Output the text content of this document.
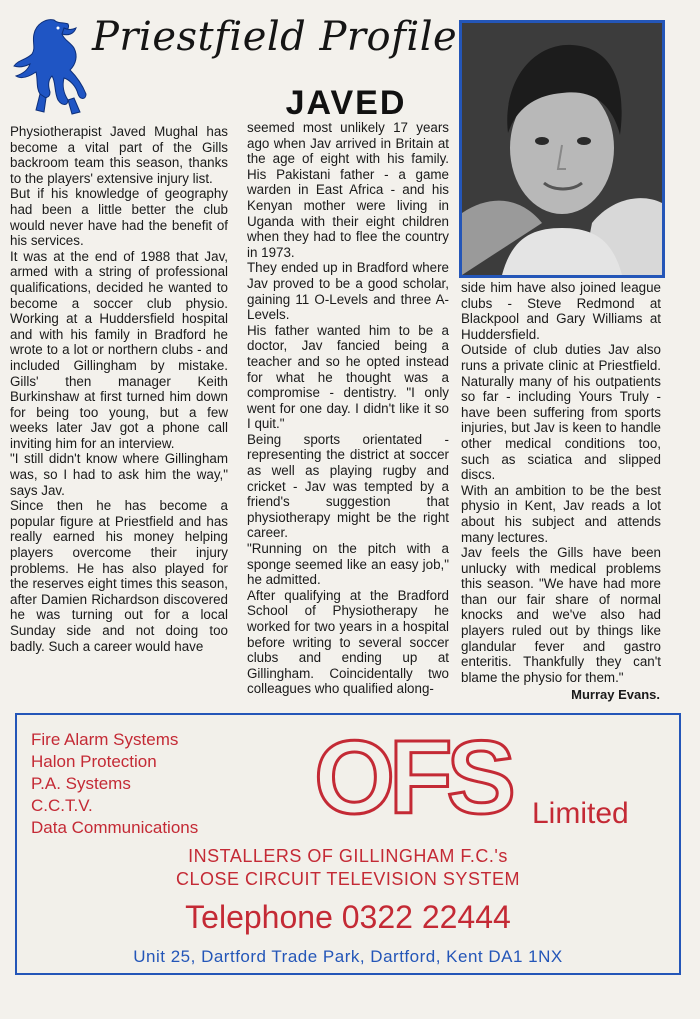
Priestfield Profile
JAVED

Physiotherapist Javed Mughal has become a vital part of the Gills backroom team this season, thanks to the players' extensive injury list.

But if his knowledge of geography had been a little better the club would never have had the benefit of his services.

It was at the end of 1988 that Jav, armed with a string of professional qualifications, decided he wanted to become a soccer club physio. Working at a Huddersfield hospital and with his family in Bradford he wrote to a lot or northern clubs - and included Gillingham by mistake. Gills' then manager Keith Burkinshaw at first turned him down for being too young, but a few weeks later Jav got a phone call inviting him for an interview.

"I still didn't know where Gillingham was, so I had to ask him the way," says Jav.

Since then he has become a popular figure at Priestfield and has really earned his money helping players overcome their injury problems. He has also played for the reserves eight times this season, after Damien Richardson discovered he was turning out for a local Sunday side and not doing too badly. Such a career would have

seemed most unlikely 17 years ago when Jav arrived in Britain at the age of eight with his family. His Pakistani father - a game warden in East Africa - and his Kenyan mother were living in Uganda with their eight children when they had to flee the country in 1973.

They ended up in Bradford where Jav proved to be a good scholar, gaining 11 O-Levels and three A-Levels.

His father wanted him to be a doctor, Jav fancied being a teacher and so he opted instead for what he thought was a compromise - dentistry. "I only went for one day. I didn't like it so I quit."

Being sports orientated - representing the district at soccer as well as playing rugby and cricket - Jav was tempted by a friend's suggestion that physiotherapy might be the right career.

"Running on the pitch with a sponge seemed like an easy job," he admitted.

After qualifying at the Bradford School of Physiotherapy he worked for two years in a hospital before writing to several soccer clubs and ending up at Gillingham. Coincidentally two colleagues who qualified along-

side him have also joined league clubs - Steve Redmond at Blackpool and Gary Williams at Huddersfield.

Outside of club duties Jav also runs a private clinic at Priestfield. Naturally many of his outpatients so far - including Yours Truly - have been suffering from sports injuries, but Jav is keen to handle other medical conditions too, such as sciatica and slipped discs.

With an ambition to be the best physio in Kent, Jav reads a lot about his subject and attends many lectures.

Jav feels the Gills have been unlucky with medical problems this season. "We have had more than our fair share of normal knocks and we've also had players ruled out by things like glandular fever and gastro enteritis. Thankfully they can't blame the physio for them."

Murray Evans.
Fire Alarm Systems
Halon Protection
P.A. Systems
C.C.T.V.
Data Communications OFS Limited
INSTALLERS OF GILLINGHAM F.C.'s
CLOSE CIRCUIT TELEVISION SYSTEM
Telephone 0322 22444
Unit 25, Dartford Trade Park, Dartford, Kent DA1 1NX
